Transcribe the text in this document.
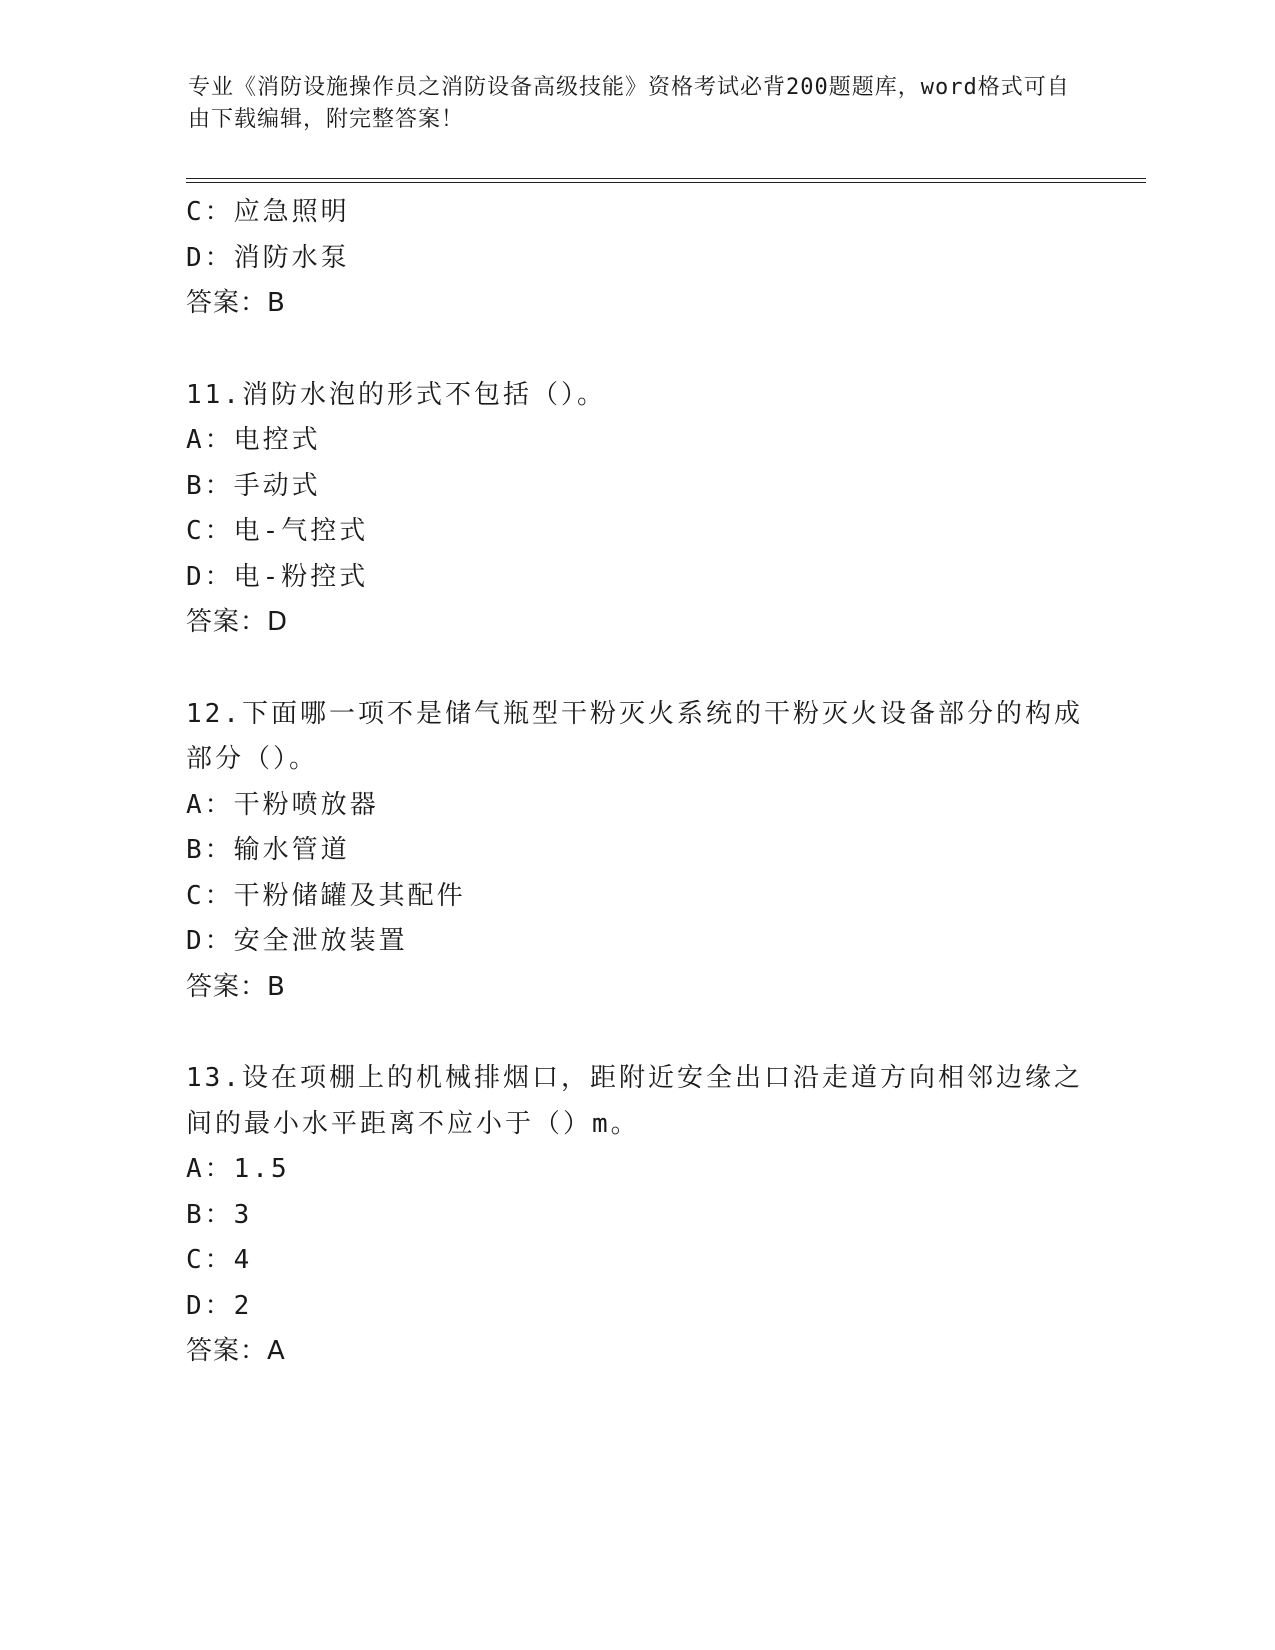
专业《消防设施操作员之消防设备高级技能》资格考试必背200题题库，word格式可自由下载编辑，附完整答案！
C：应急照明
D：消防水泵
答案：B
11.消防水泡的形式不包括（）。
A：电控式
B：手动式
C：电-气控式
D：电-粉控式
答案：D
12.下面哪一项不是储气瓶型干粉灭火系统的干粉灭火设备部分的构成部分（）。
A：干粉喷放器
B：输水管道
C：干粉储罐及其配件
D：安全泄放装置
答案：B
13.设在项棚上的机械排烟口，距附近安全出口沿走道方向相邻边缘之间的最小水平距离不应小于（）m。
A：1.5
B：3
C：4
D：2
答案：A
